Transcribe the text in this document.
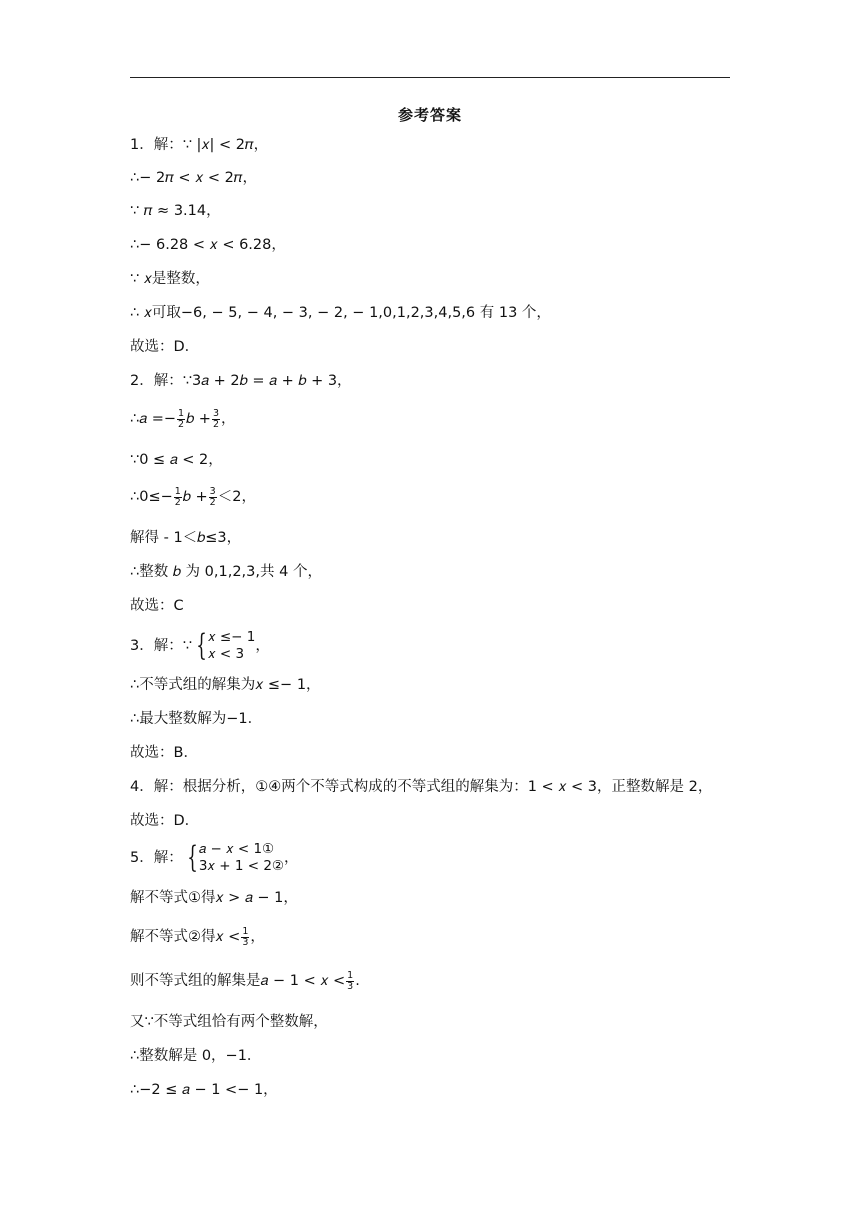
参考答案
1．解：∵ |𝑥| < 2𝜋，
∴− 2𝜋 < 𝑥 < 2𝜋，
∵ 𝜋 ≈ 3.14，
∴− 6.28 < 𝑥 < 6.28，
∵ 𝑥是整数，
∴ 𝑥可取−6, − 5, − 4, − 3, − 2, − 1,0,1,2,3,4,5,6 有 13 个，
故选：D．
2．解：∵3𝑎 + 2𝑏 = 𝑎 + 𝑏 + 3，
∴𝑎 =− $\frac{1}{2}$ 𝑏 + $\frac{3}{2}$ ，
∵0 ≤ 𝑎 < 2，
∴0≤− $\frac{1}{2}$ 𝑏 + $\frac{3}{2} <2$，
解得 - 1＜𝑏≤3，
∴整数 𝑏 为 0,1,2,3,共 4 个，
故选：C
3．解：∵ { 𝑥 ≤− 1
𝑥 < 3 ，
∴不等式组的解集为𝑥 ≤− 1，
∴最大整数解为−1．
故选：B．
4．解：根据分析，①④两个不等式构成的不等式组的解集为：1 < 𝑥 < 3，正整数解是 2，
故选：D．
5．解： { 𝑎 − 𝑥 < 1①
3𝑥 + 1 < 2② ，
解不等式①得𝑥 > 𝑎 − 1，
解不等式②得𝑥 < $\frac{1}{3}$ ，
则不等式组的解集是𝑎 − 1 < 𝑥 < $\frac{1}{3}$ .
又∵不等式组恰有两个整数解，
∴整数解是 0，−1．
∴−2 ≤ 𝑎 − 1 <− 1，
